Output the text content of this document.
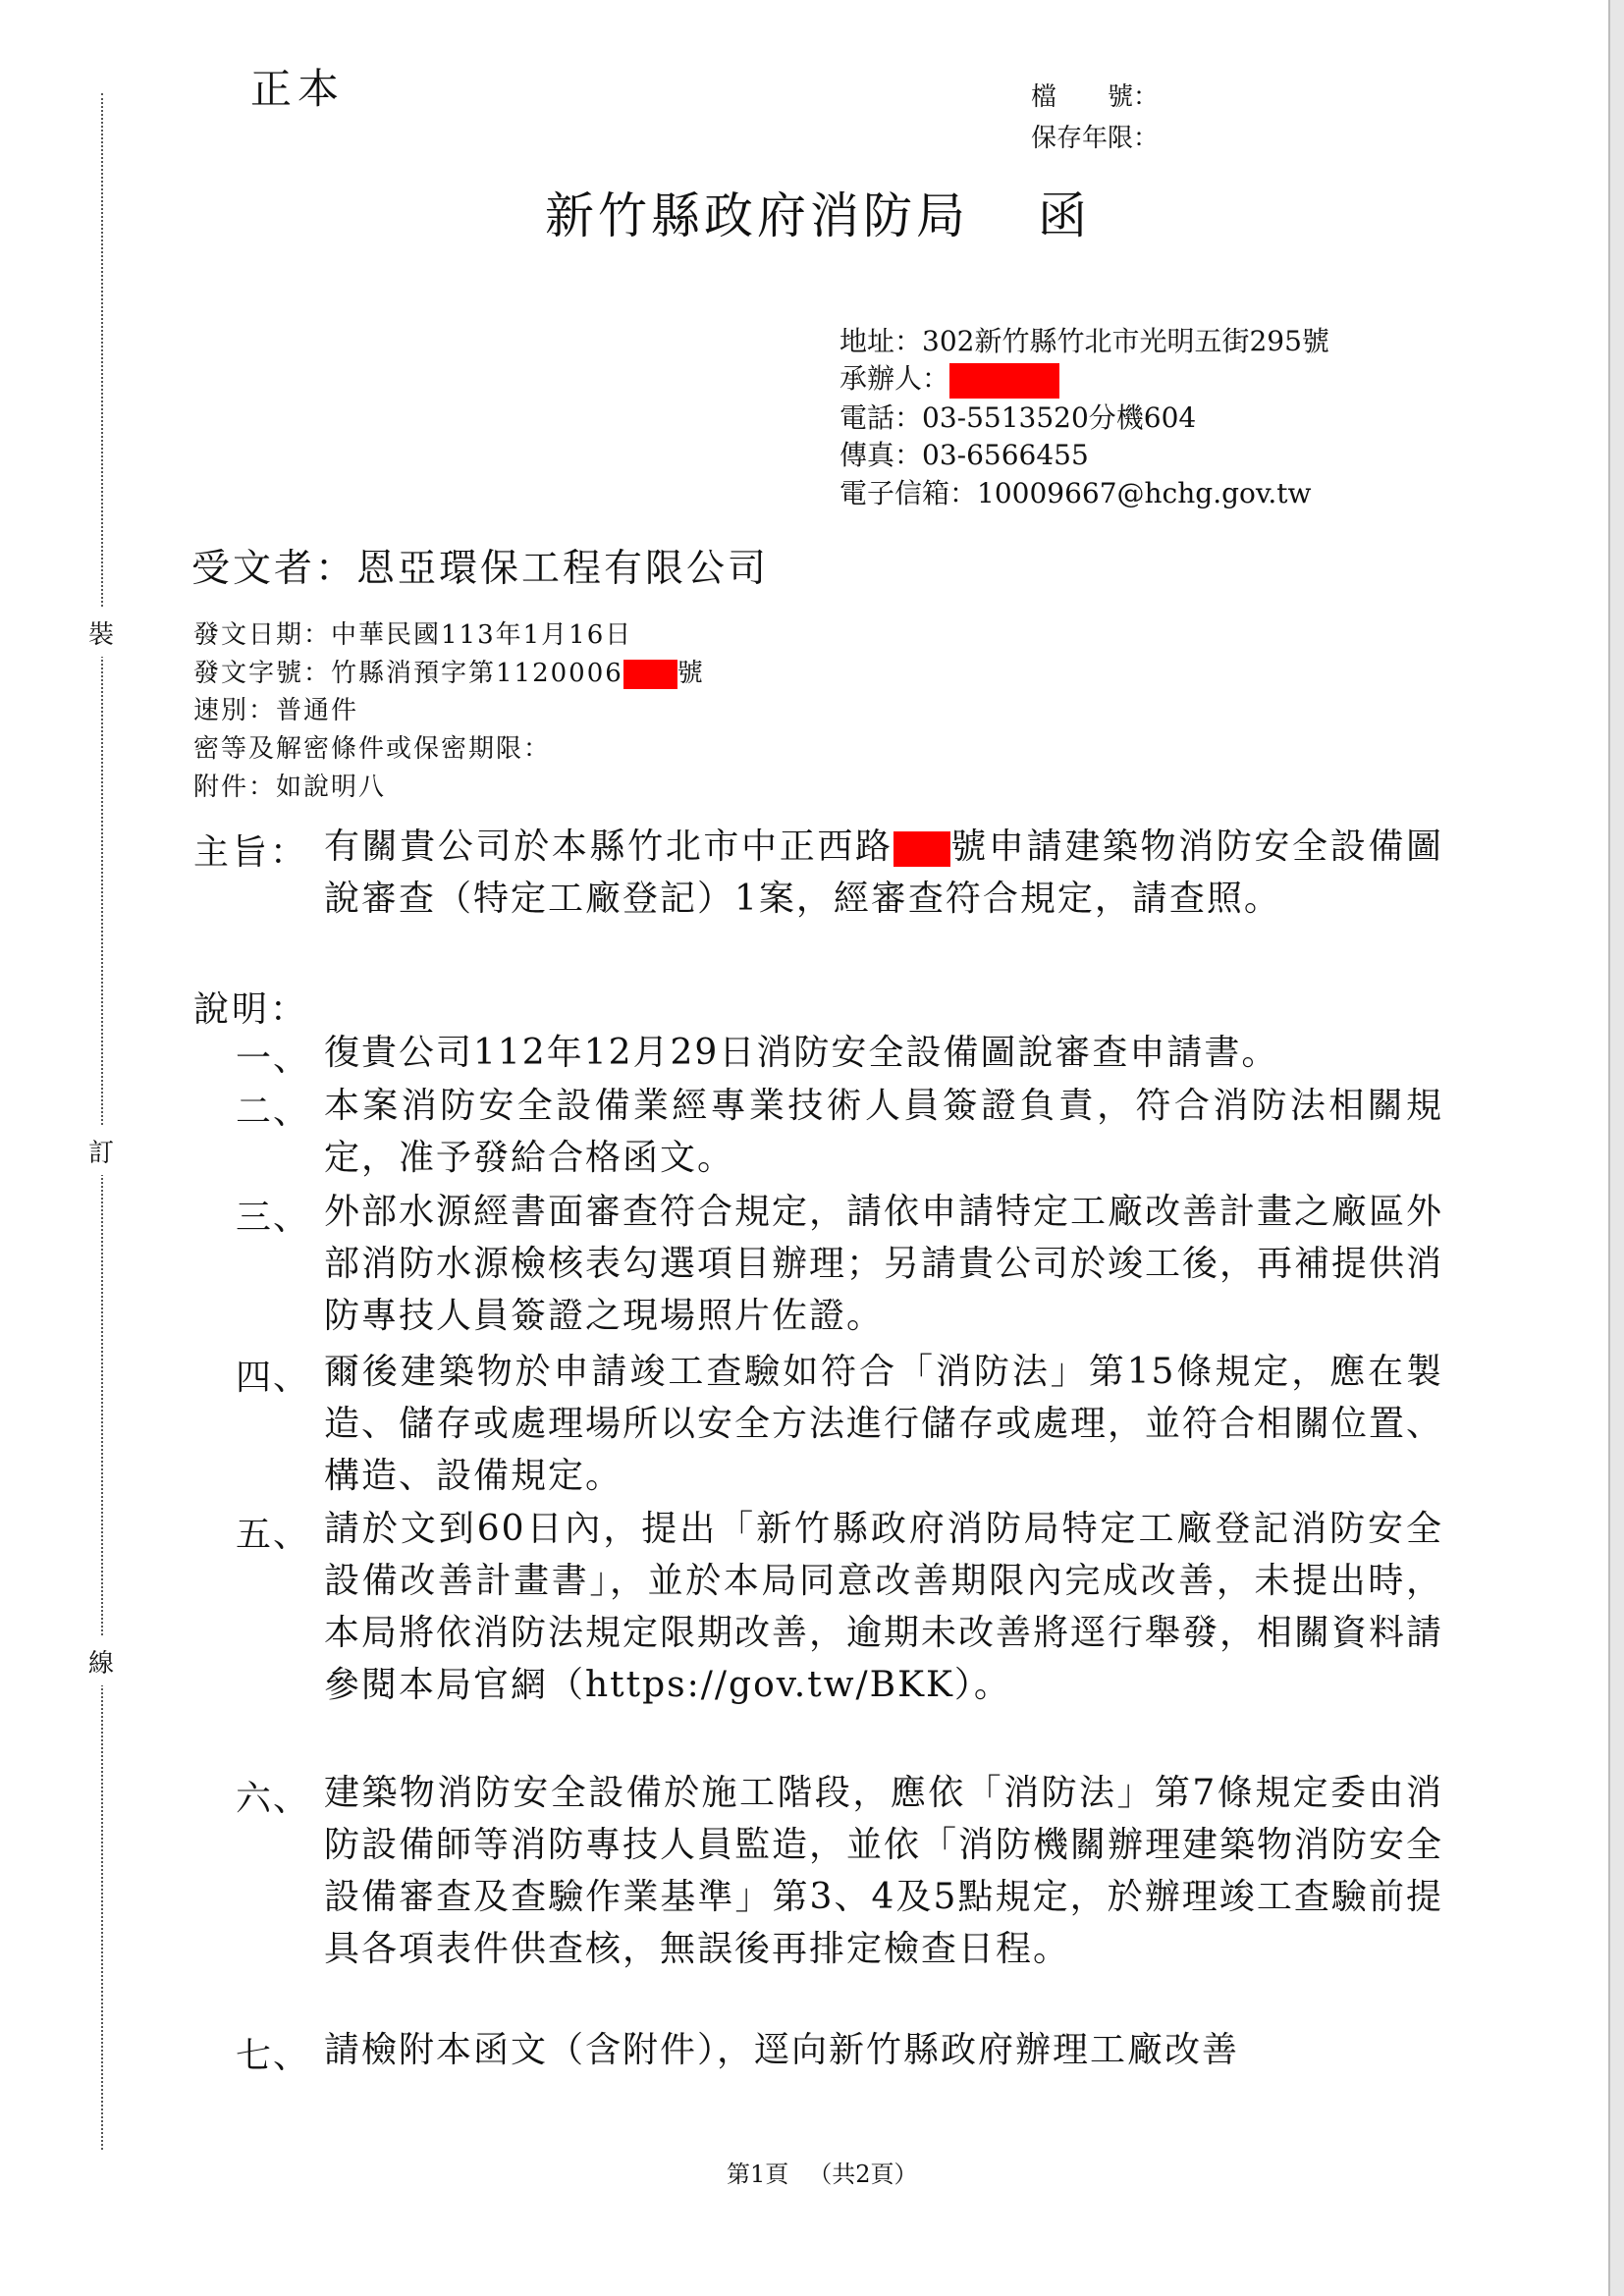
裝
訂
線
正本	檔　　號：
保存年限：
新竹縣政府消防局 函
地址：302新竹縣竹北市光明五街295號
承辦人：
電話：03-5513520分機604
傳真：03-6566455
電子信箱：10009667@hchg.gov.tw
受文者：恩亞環保工程有限公司
發文日期：中華民國113年1月16日
發文字號：竹縣消預字第1120006 號
速別：普通件
密等及解密條件或保密期限：
附件：如說明八
主旨： 有關貴公司於本縣竹北市中正西路 號申請建築物消防安全設備圖說審查（特定工廠登記）1案，經審查符合規定，請查照。
說明：
一、 復貴公司112年12月29日消防安全設備圖說審查申請書。
二、 本案消防安全設備業經專業技術人員簽證負責，符合消防法相關規定，准予發給合格函文。
三、 外部水源經書面審查符合規定，請依申請特定工廠改善計畫之廠區外部消防水源檢核表勾選項目辦理；另請貴公司於竣工後，再補提供消防專技人員簽證之現場照片佐證。
四、 爾後建築物於申請竣工查驗如符合「消防法」第15條規定，應在製造、儲存或處理場所以安全方法進行儲存或處理，並符合相關位置、構造、設備規定。
五、 請於文到60日內，提出「新竹縣政府消防局特定工廠登記消防安全設備改善計畫書」，並於本局同意改善期限內完成改善，未提出時，本局將依消防法規定限期改善，逾期未改善將逕行舉發，相關資料請參閱本局官網（https://gov.tw/BKK）。
六、 建築物消防安全設備於施工階段，應依「消防法」第7條規定委由消防設備師等消防專技人員監造，並依「消防機關辦理建築物消防安全設備審查及查驗作業基準」第3、4及5點規定，於辦理竣工查驗前提具各項表件供查核，無誤後再排定檢查日程。
七、 請檢附本函文（含附件），逕向新竹縣政府辦理工廠改善
第1頁 （共2頁）
